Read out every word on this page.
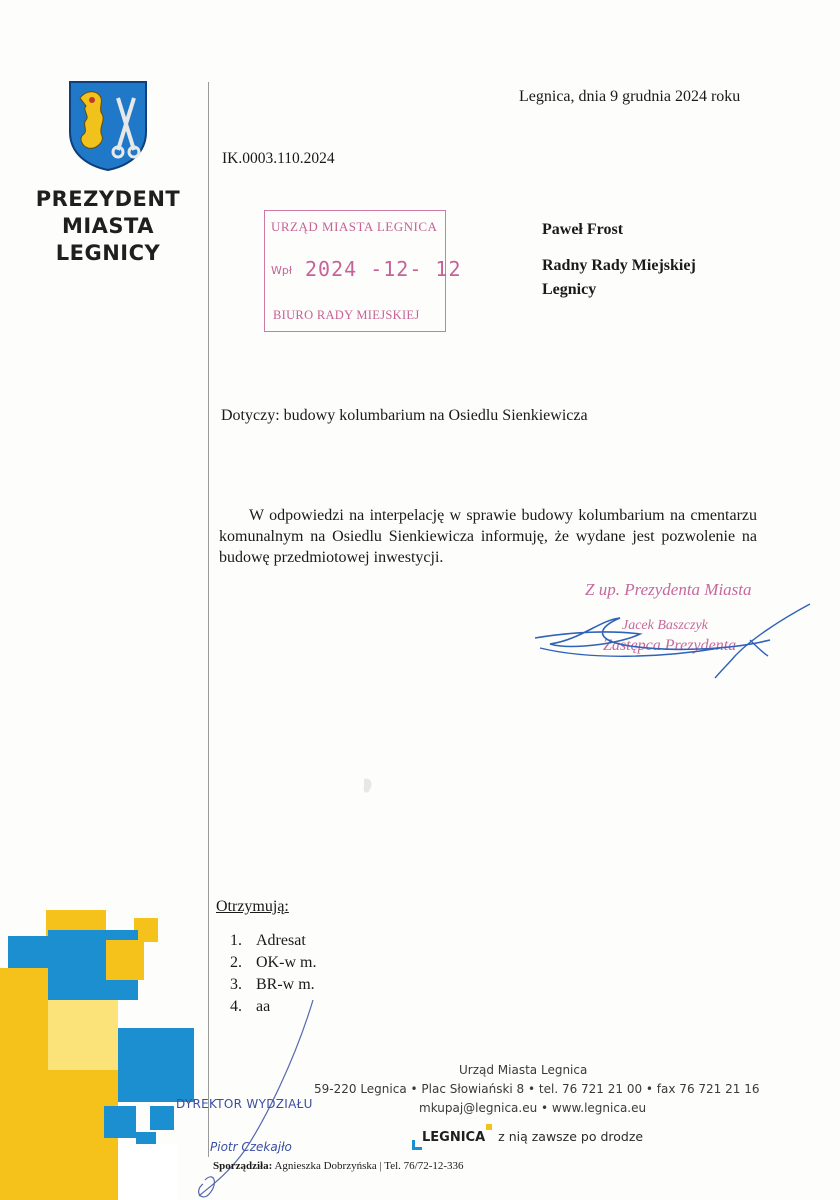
PREZYDENT
MIASTA
LEGNICY
Legnica, dnia 9 grudnia 2024 roku
IK.0003.110.2024
URZĄD MIASTA LEGNICA
Wpł 2024 -12- 12
BIURO RADY MIEJSKIEJ
Paweł Frost
Radny Rady Miejskiej
Legnicy
Dotyczy: budowy kolumbarium na Osiedlu Sienkiewicza
W odpowiedzi na interpelację w sprawie budowy kolumbarium na cmentarzu komunalnym na Osiedlu Sienkiewicza informuję, że wydane jest pozwolenie na budowę przedmiotowej inwestycji.
Z up. Prezydenta Miasta
Jacek Baszczyk
Zastępca Prezydenta
Otrzymują:
1. Adresat
2. OK-w m.
3. BR-w m.
4. aa
Urząd Miasta Legnica
59-220 Legnica • Plac Słowiański 8 • tel. 76 721 21 00 • fax 76 721 21 16
mkupaj@legnica.eu • www.legnica.eu
LEGNICA z nią zawsze po drodze
DYREKTOR WYDZIAŁU
Piotr Czekajło
Sporządziła: Agnieszka Dobrzyńska | Tel. 76/72-12-336
